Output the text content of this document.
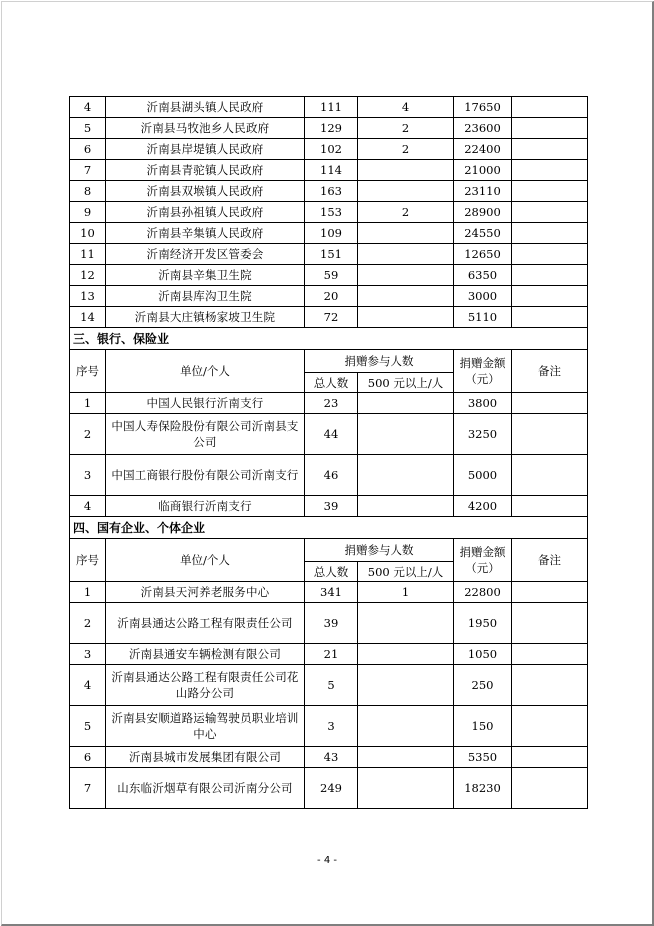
4	沂南县湖头镇人民政府	111	4	17650	
5	沂南县马牧池乡人民政府	129	2	23600	
6	沂南县岸堤镇人民政府	102	2	22400	
7	沂南县青驼镇人民政府	114		21000	
8	沂南县双堠镇人民政府	163		23110	
9	沂南县孙祖镇人民政府	153	2	28900	
10	沂南县辛集镇人民政府	109		24550	
11	沂南经济开发区管委会	151		12650	
12	沂南县辛集卫生院	59		6350	
13	沂南县库沟卫生院	20		3000	
14	沂南县大庄镇杨家坡卫生院	72		5110	
三、银行、保险业					
序号	单位/个人	捐赠参与人数		捐赠金额（元）	备注
		总人数	500 元以上/人		
1	中国人民银行沂南支行	23		3800	
2	中国人寿保险股份有限公司沂南县支公司	44		3250	
3	中国工商银行股份有限公司沂南支行	46		5000	
4	临商银行沂南支行	39		4200	
四、国有企业、个体企业					
序号	单位/个人	捐赠参与人数		捐赠金额（元）	备注
		总人数	500 元以上/人		
1	沂南县天河养老服务中心	341	1	22800	
2	沂南县通达公路工程有限责任公司	39		1950	
3	沂南县通安车辆检测有限公司	21		1050	
4	沂南县通达公路工程有限责任公司花山路分公司	5		250	
5	沂南县安顺道路运输驾驶员职业培训中心	3		150	
6	沂南县城市发展集团有限公司	43		5350	
7	山东临沂烟草有限公司沂南分公司	249		18230	
- 4 -
